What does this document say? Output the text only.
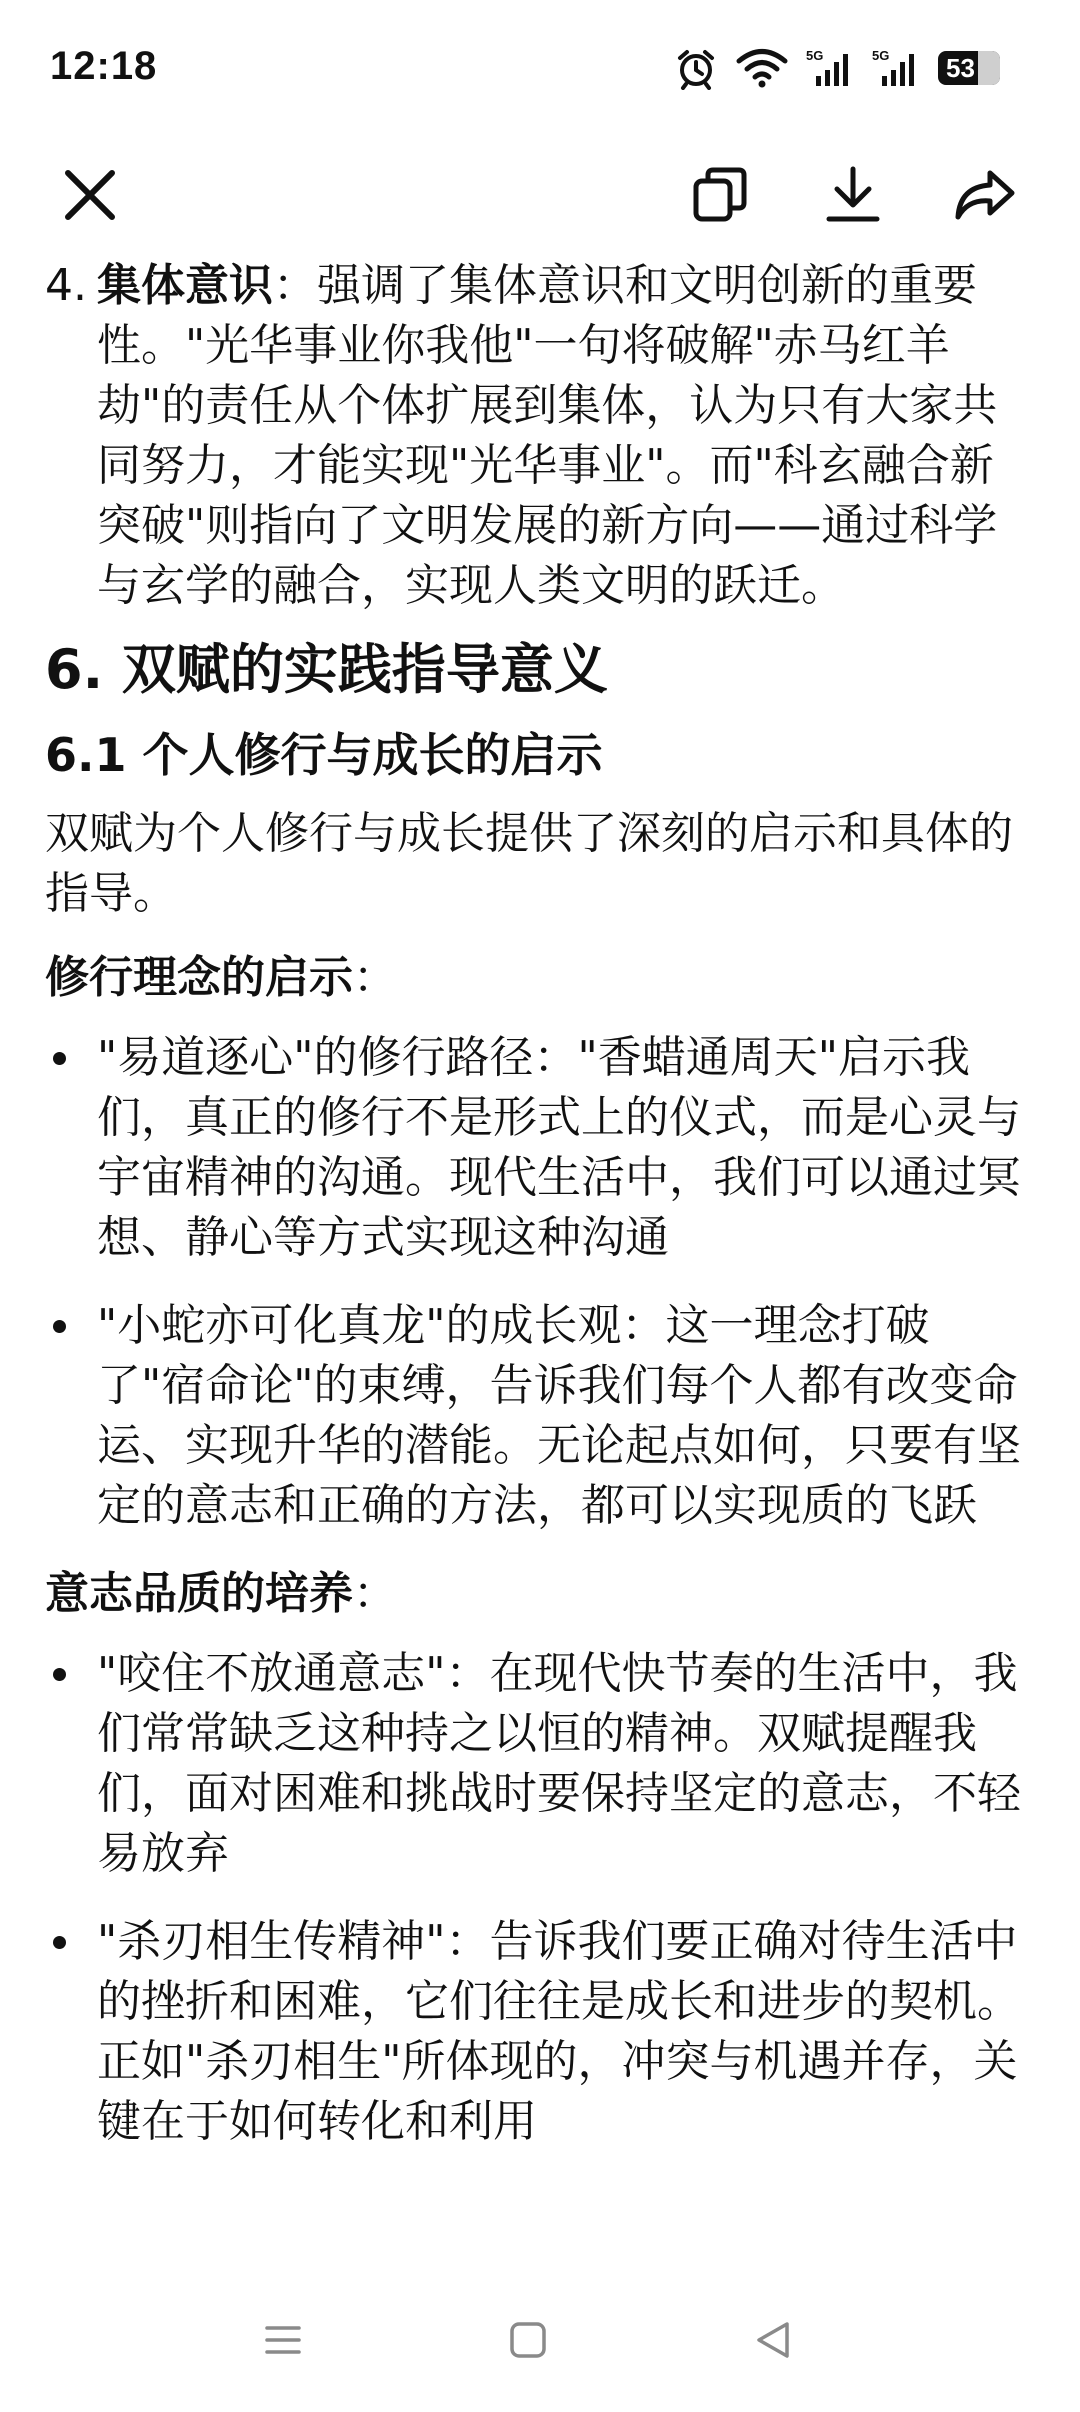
12:18	5G	5G 53
4. 集体意识：强调了集体意识和文明创新的重要性。"光华事业你我他"一句将破解"赤马红羊劫"的责任从个体扩展到集体，认为只有大家共同努力，才能实现"光华事业"。而"科玄融合新突破"则指向了文明发展的新方向——通过科学与玄学的融合，实现人类文明的跃迁。
6. 双赋的实践指导意义
6.1 个人修行与成长的启示

双赋为个人修行与成长提供了深刻的启示和具体的指导。

修行理念的启示：
"易道逐心"的修行路径："香蜡通周天"启示我们，真正的修行不是形式上的仪式，而是心灵与宇宙精神的沟通。现代生活中，我们可以通过冥想、静心等方式实现这种沟通
"小蛇亦可化真龙"的成长观：这一理念打破了"宿命论"的束缚，告诉我们每个人都有改变命运、实现升华的潜能。无论起点如何，只要有坚定的意志和正确的方法，都可以实现质的飞跃
意志品质的培养：
"咬住不放通意志"：在现代快节奏的生活中，我们常常缺乏这种持之以恒的精神。双赋提醒我们，面对困难和挑战时要保持坚定的意志，不轻易放弃
"杀刃相生传精神"：告诉我们要正确对待生活中的挫折和困难，它们往往是成长和进步的契机。正如"杀刃相生"所体现的，冲突与机遇并存，关键在于如何转化和利用
